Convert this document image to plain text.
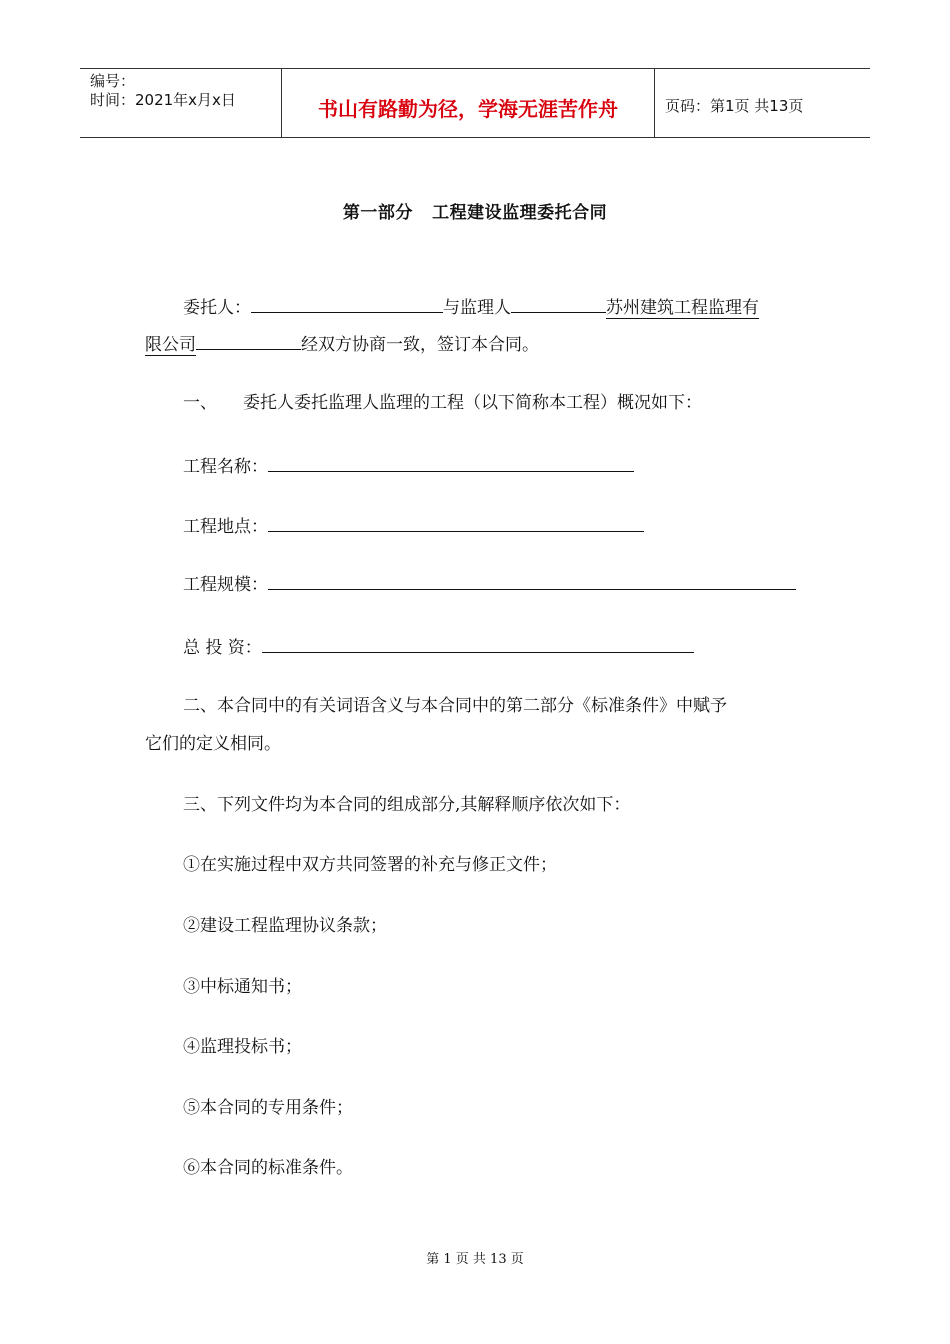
编号：
时间：2021年x月x日	书山有路勤为径，学海无涯苦作舟	页码：第1页 共13页
第一部分   工程建设监理委托合同
委托人：	与监理人	苏州建筑工程监理有
限公司	经双方协商一致，签订本合同。
一、 委托人委托监理人监理的工程（以下简称本工程）概况如下：
工程名称：
工程地点：
工程规模：
总 投 资：
二、本合同中的有关词语含义与本合同中的第二部分《标准条件》中赋予
它们的定义相同。
三、下列文件均为本合同的组成部分,其解释顺序依次如下：
①在实施过程中双方共同签署的补充与修正文件；
②建设工程监理协议条款；
③中标通知书；
④监理投标书；
⑤本合同的专用条件；
⑥本合同的标准条件。
第 1 页 共 13 页
